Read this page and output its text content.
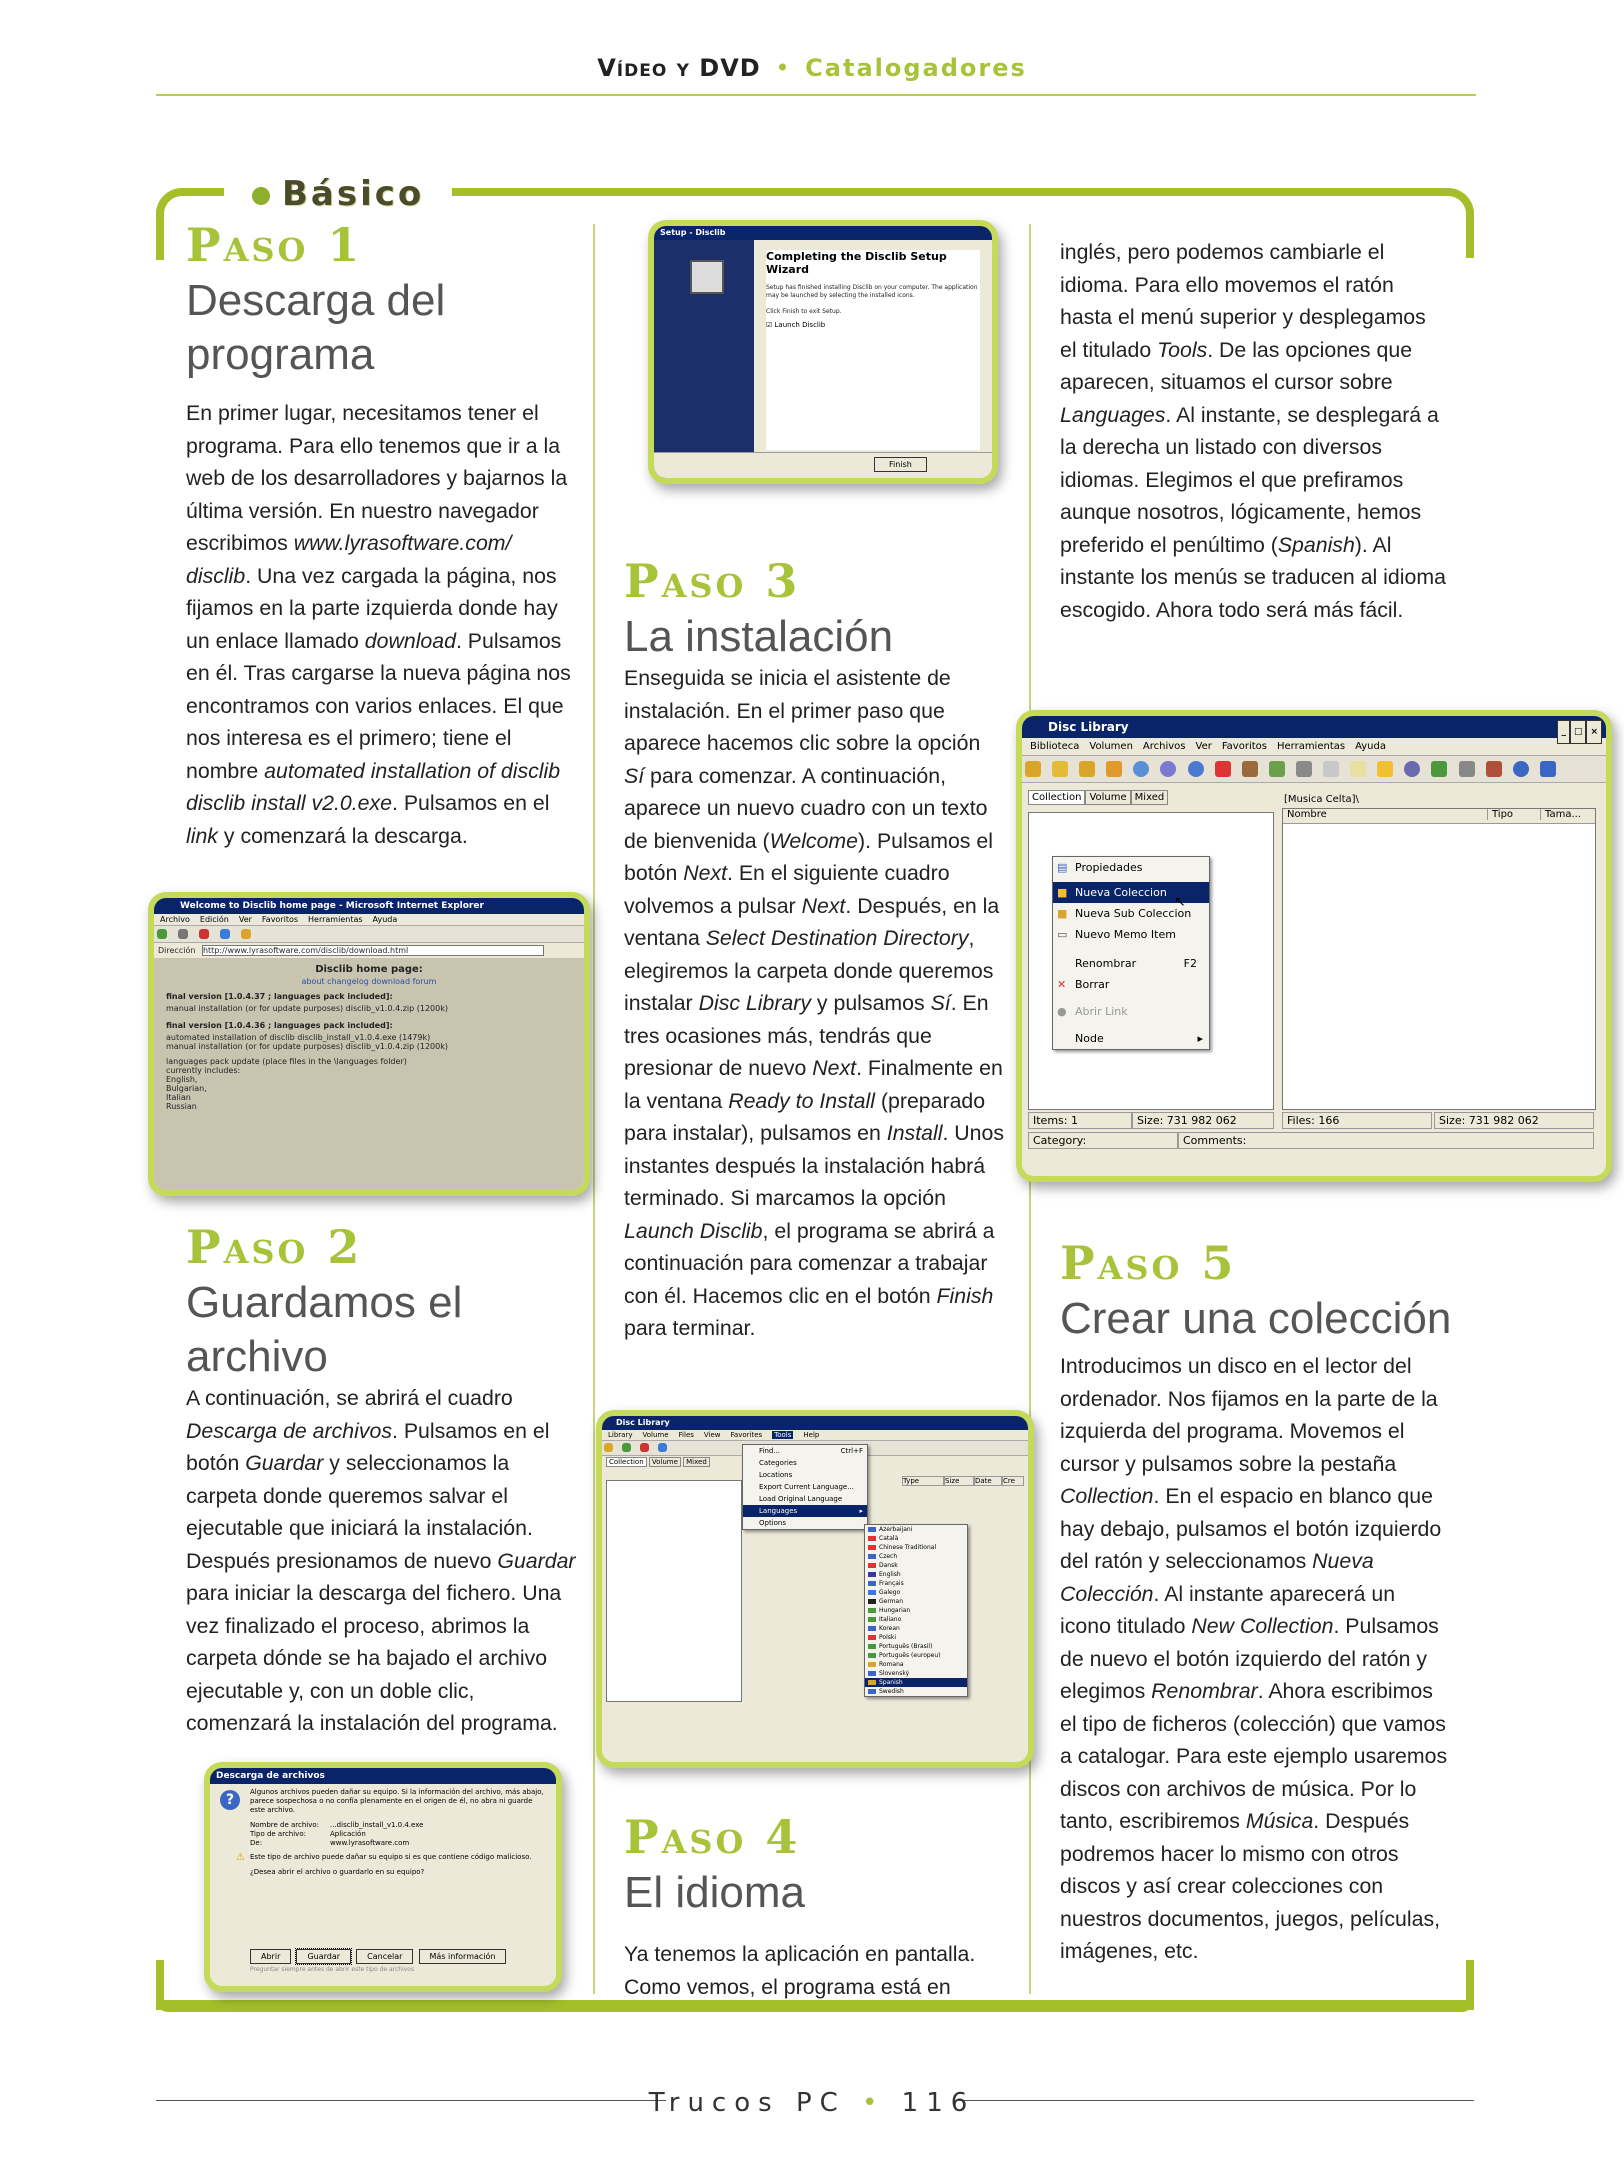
Vídeo y DVD • Catalogadores
Básico
Paso 1
Descarga del programa
En primer lugar, necesitamos tener el programa. Para ello tenemos que ir a la web de los desarrolladores y bajarnos la última versión. En nuestro navegador escribimos www.lyrasoftware.com/ disclib. Una vez cargada la página, nos fijamos en la parte izquierda donde hay un enlace llamado download. Pulsamos en él. Tras cargarse la nueva página nos encontramos con varios enlaces. El que nos interesa es el primero; tiene el nombre automated installation of disclib disclib install v2.0.exe. Pulsamos en el link y comenzará la descarga.
Welcome to Disclib home page - Microsoft Internet Explorer
Archivo Edición Ver Favoritos Herramientas Ayuda

Dirección http://www.lyrasoftware.com/disclib/download.html
Disclib home page:
about changelog download forum
final version [1.0.4.37 ; languages pack included]:
manual installation (or for update purposes) disclib_v1.0.4.zip (1200k)
final version [1.0.4.36 ; languages pack included]:
automated installation of disclib disclib_install_v1.0.4.exe (1479k)
manual installation (or for update purposes) disclib_v1.0.4.zip (1200k)
languages pack update (place files in the \languages folder)
currently includes:
English,
Bulgarian,
Italian
Russian
Paso 2
Guardamos el archivo
A continuación, se abrirá el cuadro Descarga de archivos. Pulsamos en el botón Guardar y seleccionamos la carpeta donde queremos salvar el ejecutable que iniciará la instalación. Después presionamos de nuevo Guardar para iniciar la descarga del fichero. Una vez finalizado el proceso, abrimos la carpeta dónde se ha bajado el archivo ejecutable y, con un doble clic, comenzará la instalación del programa.
Descarga de archivos
?	Algunos archivos pueden dañar su equipo. Si la información del archivo, más abajo, parece sospechosa o no confía plenamente en el origen de él, no abra ni guarde este archivo.
Nombre de archivo: ...disclib_install_v1.0.4.exe
Tipo de archivo:	Aplicación
De:	www.lyrasoftware.com
⚠ Este tipo de archivo puede dañar su equipo si es que contiene código malicioso.
¿Desea abrir el archivo o guardarlo en su equipo?
Abrir	Guardar	Cancelar	Más información
Preguntar siempre antes de abrir este tipo de archivos
Setup - Disclib
Completing the Disclib Setup Wizard
Setup has finished installing Disclib on your computer. The application may be launched by selecting the installed icons.
Click Finish to exit Setup.
☑ Launch Disclib
Finish
Paso 3
La instalación
Enseguida se inicia el asistente de instalación. En el primer paso que aparece hacemos clic sobre la opción Sí para comenzar. A continuación, aparece un nuevo cuadro con un texto de bienvenida (Welcome). Pulsamos el botón Next. En el siguiente cuadro volvemos a pulsar Next. Después, en la ventana Select Destination Directory, elegiremos la carpeta donde queremos instalar Disc Library y pulsamos Sí. En tres ocasiones más, tendrás que presionar de nuevo Next. Finalmente en la ventana Ready to Install (preparado para instalar), pulsamos en Install. Unos instantes después la instalación habrá terminado. Si marcamos la opción Launch Disclib, el programa se abrirá a continuación para comenzar a trabajar con él. Hacemos clic en el botón Finish para terminar.
Disc Library
Library Volume Files View Favorites Tools Help

Collection Volume Mixed
Type	Size Date Cre
Find...	Ctrl+F
Categories
Locations
Export Current Language...
Load Original Language
Languages	▸
Options
Azerbaijani
Català
Chinese Traditional
Czech
Dansk
English
Français
Galego
German
Hungarian
Italiano
Korean
Polski
Português (Brasil)
Português (europeu)
Romana
Slovenský
Spanish
Swedish
Paso 4
El idioma
Ya tenemos la aplicación en pantalla. Como vemos, el programa está en
inglés, pero podemos cambiarle el idioma. Para ello movemos el ratón hasta el menú superior y desplegamos el titulado Tools. De las opciones que aparecen, situamos el cursor sobre Languages. Al instante, se desplegará a la derecha un listado con diversos idiomas. Elegimos el que prefiramos aunque nosotros, lógicamente, hemos preferido el penúltimo (Spanish). Al instante los menús se traducen al idioma escogido. Ahora todo será más fácil.
Disc Library	_ □ ×
Biblioteca Volumen Archivos Ver Favoritos Herramientas Ayuda

Collection Volume Mixed	[Musica Celta]\
Nombre	Tipo	Tama...
▤ Propiedades
■ Nueva Coleccion
■ Nueva Sub Coleccion
▭ Nuevo Memo Item
Renombrar	F2
✕ Borrar
● Abrir Link
Node	▸
↖
Items: 1	Size: 731 982 062	Files: 166	Size: 731 982 062
Category:	Comments:
Paso 5
Crear una colección
Introducimos un disco en el lector del ordenador. Nos fijamos en la parte de la izquierda del programa. Movemos el cursor y pulsamos sobre la pestaña Collection. En el espacio en blanco que hay debajo, pulsamos el botón izquierdo del ratón y seleccionamos Nueva Colección. Al instante aparecerá un icono titulado New Collection. Pulsamos de nuevo el botón izquierdo del ratón y elegimos Renombrar. Ahora escribimos el tipo de ficheros (colección) que vamos a catalogar. Para este ejemplo usaremos discos con archivos de música. Por lo tanto, escribiremos Música. Después podremos hacer lo mismo con otros discos y así crear colecciones con nuestros documentos, juegos, películas, imágenes, etc.
Trucos PC • 116
